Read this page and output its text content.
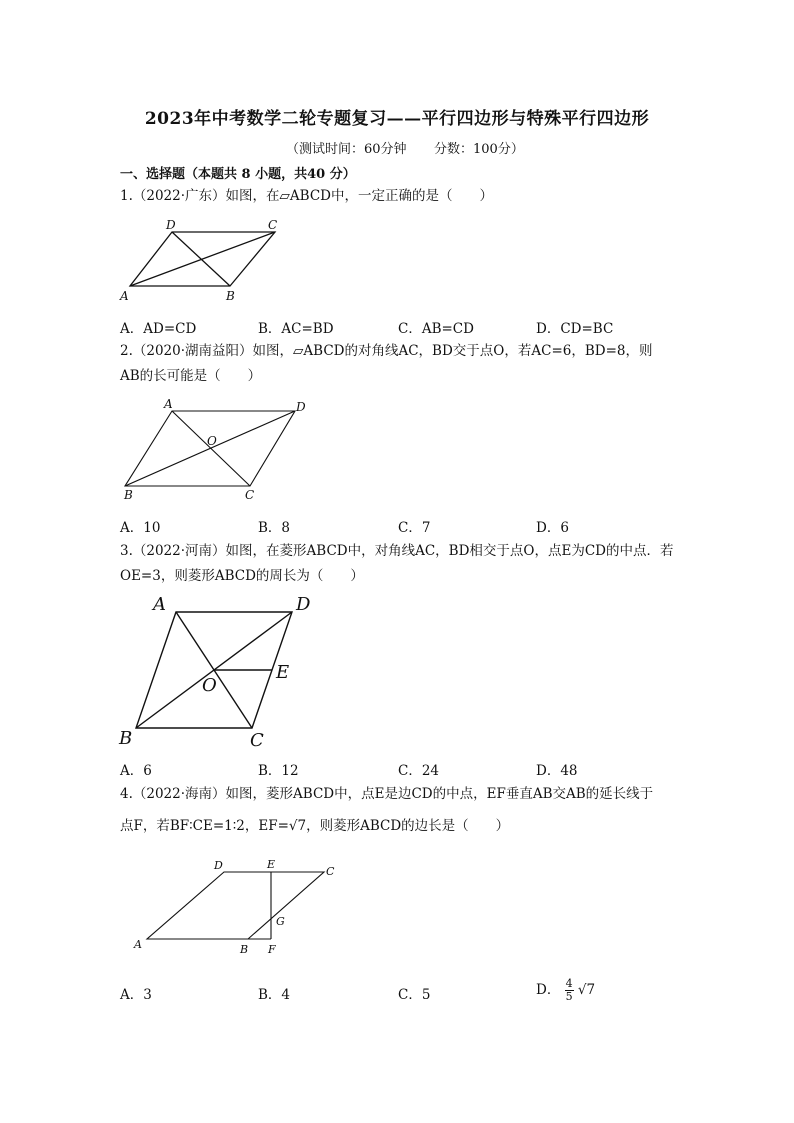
2023年中考数学二轮专题复习——平行四边形与特殊平行四边形
（测试时间：60分钟 分数：100分）
一、选择题（本题共 8 小题，共40 分）
1.（2022·广东）如图，在▱ABCD中，一定正确的是（　　）
A	B
C
D
A．AD=CD	B．AC=BD	C．AB=CD	D．CD=BC
2.（2020·湖南益阳）如图，▱ABCD的对角线AC，BD交于点O，若AC=6，BD=8，则
AB的长可能是（　　）
A
B	C
D
O
A．10	B．8	C．7	D．6
3.（2022·河南）如图，在菱形ABCD中，对角线AC，BD相交于点O，点E为CD的中点．若
OE=3，则菱形ABCD的周长为（　　）
A
B	C
D
O
E
A．6	B．12	C．24	D．48
4.（2022·海南）如图，菱形ABCD中，点E是边CD的中点，EF垂直AB交AB的延长线于
点F，若BF∶CE=1∶2，EF=√7，则菱形ABCD的边长是（　　）
A	B
C
D	E
F
G
A．3	B．4	C．5	D． $\frac{4}{5} √7$
